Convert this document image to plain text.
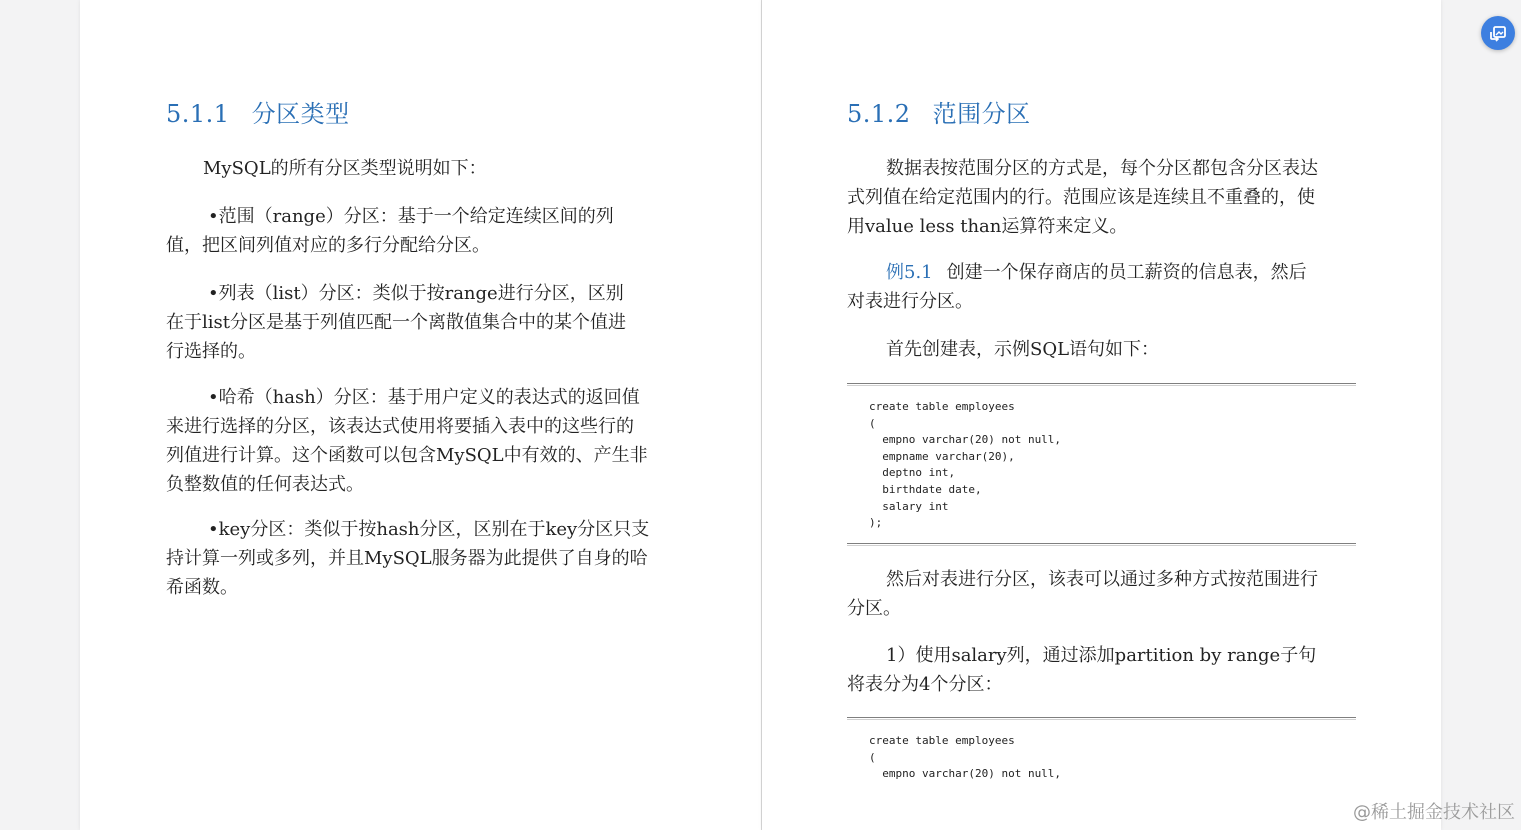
5.1.1 分区类型

MySQL的所有分区类型说明如下：

•范围（range）分区：基于一个给定连续区间的列
值，把区间列值对应的多行分配给分区。

•列表（list）分区：类似于按range进行分区，区别
在于list分区是基于列值匹配一个离散值集合中的某个值进
行选择的。

•哈希（hash）分区：基于用户定义的表达式的返回值
来进行选择的分区，该表达式使用将要插入表中的这些行的
列值进行计算。这个函数可以包含MySQL中有效的、产生非
负整数值的任何表达式。

•key分区：类似于按hash分区，区别在于key分区只支
持计算一列或多列，并且MySQL服务器为此提供了自身的哈
希函数。

5.1.2 范围分区

数据表按范围分区的方式是，每个分区都包含分区表达
式列值在给定范围内的行。范围应该是连续且不重叠的，使
用value less than运算符来定义。

例5.1 创建一个保存商店的员工薪资的信息表，然后
对表进行分区。

首先创建表，示例SQL语句如下：

create table employees
(
empno varchar(20) not null,
empname varchar(20),
deptno int,
birthdate date,
salary int
);

然后对表进行分区，该表可以通过多种方式按范围进行
分区。

1）使用salary列，通过添加partition by range子句
将表分为4个分区：

create table employees
(
empno varchar(20) not null,
@稀土掘金技术社区
